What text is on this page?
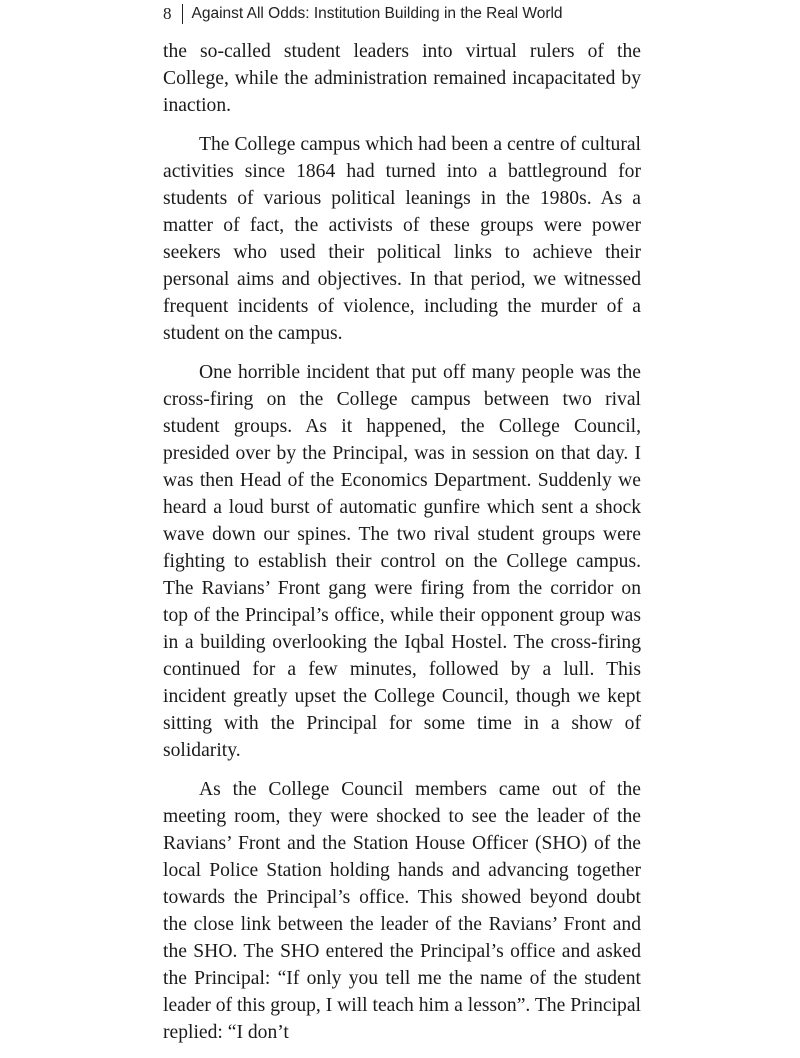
8 Against All Odds: Institution Building in the Real World

the so-called student leaders into virtual rulers of the College, while the administration remained incapacitated by inaction.

The College campus which had been a centre of cultural activities since 1864 had turned into a battleground for students of various political leanings in the 1980s. As a matter of fact, the activists of these groups were power seekers who used their political links to achieve their personal aims and objectives. In that period, we witnessed frequent incidents of violence, including the murder of a student on the campus.

One horrible incident that put off many people was the cross-firing on the College campus between two rival student groups. As it happened, the College Council, presided over by the Principal, was in session on that day. I was then Head of the Economics Department. Suddenly we heard a loud burst of automatic gunfire which sent a shock wave down our spines. The two rival student groups were fighting to establish their control on the College campus. The Ravians’ Front gang were firing from the corridor on top of the Principal’s office, while their opponent group was in a building overlooking the Iqbal Hostel. The cross-firing continued for a few minutes, followed by a lull. This incident greatly upset the College Council, though we kept sitting with the Principal for some time in a show of solidarity.

As the College Council members came out of the meeting room, they were shocked to see the leader of the Ravians’ Front and the Station House Officer (SHO) of the local Police Station holding hands and advancing together towards the Principal’s office. This showed beyond doubt the close link between the leader of the Ravians’ Front and the SHO. The SHO entered the Principal’s office and asked the Principal: “If only you tell me the name of the student leader of this group, I will teach him a lesson”. The Principal replied: “I don’t
